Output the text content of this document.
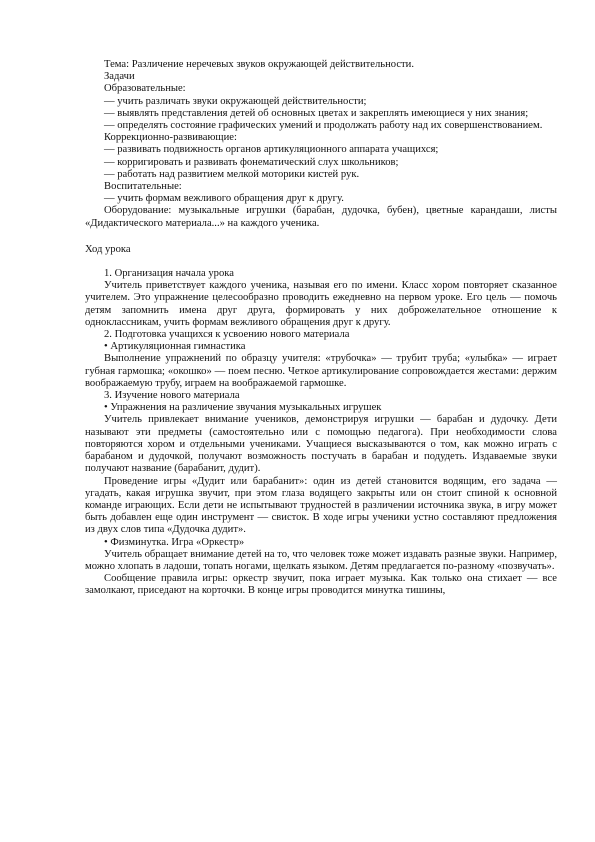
Тема: Различение неречевых звуков окружающей действительности.

Задачи

Образовательные:

— учить различать звуки окружающей действительности;

— выявлять представления детей об основных цветах и закреплять имеющиеся у них знания;

— определять состояние графических умений и продолжать работу над их совершенствованием.

Коррекционно-развивающие:

— развивать подвижность органов артикуляционного аппарата учащихся;

— корригировать и развивать фонематический слух школьников;

— работать над развитием мелкой моторики кистей рук.

Воспитательные:

— учить формам вежливого обращения друг к другу.

Оборудование: музыкальные игрушки (барабан, дудочка, бубен), цветные карандаши, листы «Дидактического материала...» на каждого ученика.

Ход урока

1. Организация начала урока

Учитель приветствует каждого ученика, называя его по имени. Класс хором повторяет сказанное учителем. Это упражнение целесообразно проводить ежедневно на первом уроке. Его цель — помочь детям запомнить имена друг друга, формировать у них доброжелательное отношение к одноклассникам, учить формам вежливого обращения друг к другу.

2. Подготовка учащихся к усвоению нового материала

• Артикуляционная гимнастика

Выполнение упражнений по образцу учителя: «трубочка» — трубит труба; «улыбка» — играет губная гармошка; «окошко» — поем песню. Четкое артикулирование сопровождается жестами: держим воображаемую трубу, играем на воображаемой гармошке.

3. Изучение нового материала

• Упражнения на различение звучания музыкальных игрушек

Учитель привлекает внимание учеников, демонстрируя игрушки — барабан и дудочку. Дети называют эти предметы (самостоятельно или с помощью педагога). При необходимости слова повторяются хором и отдельными учениками. Учащиеся высказываются о том, как можно играть с барабаном и дудочкой, получают возможность постучать в барабан и подудеть. Издаваемые звуки получают название (барабанит, дудит).

Проведение игры «Дудит или барабанит»: один из детей становится водящим, его задача — угадать, какая игрушка звучит, при этом глаза водящего закрыты или он стоит спиной к основной команде играющих. Если дети не испытывают трудностей в различении источника звука, в игру может быть добавлен еще один инструмент — свисток. В ходе игры ученики устно составляют предложения из двух слов типа «Дудочка дудит».

• Физминутка. Игра «Оркестр»

Учитель обращает внимание детей на то, что человек тоже может издавать разные звуки. Например, можно хлопать в ладоши, топать ногами, щелкать языком. Детям предлагается по-разному «позвучать».

Сообщение правила игры: оркестр звучит, пока играет музыка. Как только она стихает — все замолкают, приседают на корточки. В конце игры проводится минутка тишины,
